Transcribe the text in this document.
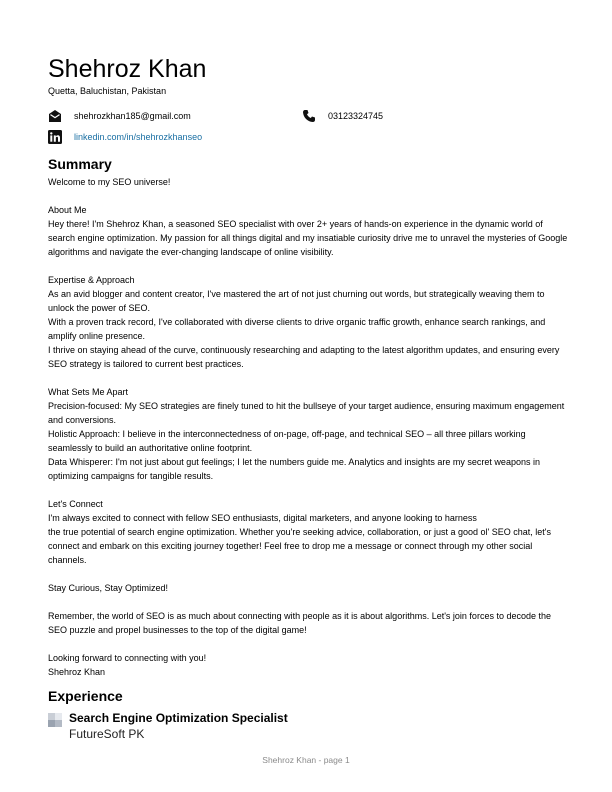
Shehroz Khan
Quetta, Baluchistan, Pakistan
shehrozkhan185@gmail.com	03123324745
linkedin.com/in/shehrozkhanseo
Summary

Welcome to my SEO universe!

About Me
Hey there! I'm Shehroz Khan, a seasoned SEO specialist with over 2+ years of hands-on experience in the dynamic world of search engine optimization. My passion for all things digital and my insatiable curiosity drive me to unravel the mysteries of Google algorithms and navigate the ever-changing landscape of online visibility.

Expertise & Approach
As an avid blogger and content creator, I've mastered the art of not just churning out words, but strategically weaving them to unlock the power of SEO.
With a proven track record, I've collaborated with diverse clients to drive organic traffic growth, enhance search rankings, and amplify online presence.
I thrive on staying ahead of the curve, continuously researching and adapting to the latest algorithm updates, and ensuring every SEO strategy is tailored to current best practices.

What Sets Me Apart
Precision-focused: My SEO strategies are finely tuned to hit the bullseye of your target audience, ensuring maximum engagement and conversions.
Holistic Approach: I believe in the interconnectedness of on-page, off-page, and technical SEO – all three pillars working seamlessly to build an authoritative online footprint.
Data Whisperer: I'm not just about gut feelings; I let the numbers guide me. Analytics and insights are my secret weapons in optimizing campaigns for tangible results.

Let's Connect
I'm always excited to connect with fellow SEO enthusiasts, digital marketers, and anyone looking to harness
the true potential of search engine optimization. Whether you're seeking advice, collaboration, or just a good ol' SEO chat, let's connect and embark on this exciting journey together! Feel free to drop me a message or connect through my other social channels.

Stay Curious, Stay Optimized!

Remember, the world of SEO is as much about connecting with people as it is about algorithms. Let's join forces to decode the SEO puzzle and propel businesses to the top of the digital game!

Looking forward to connecting with you!
Shehroz Khan

Experience
Search Engine Optimization Specialist
FutureSoft PK
Shehroz Khan - page 1
